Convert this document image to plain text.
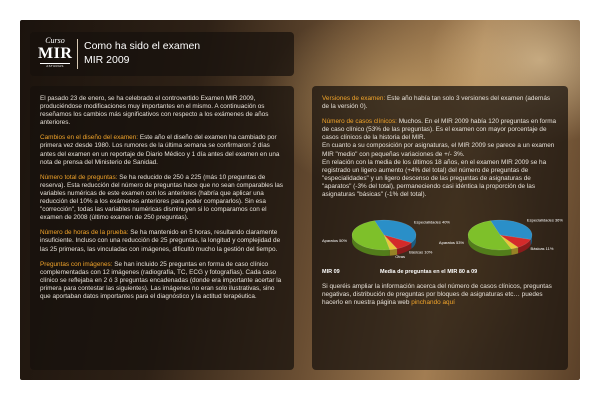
Curso
MIR
ASTURIAS
Como ha sido el examen
MIR 2009

El pasado 23 de enero, se ha celebrado el controvertido Examen MIR 2009, produciéndose modificaciones muy importantes en el mismo. A continuación os reseñamos los cambios más significativos con respecto a los exámenes de años anteriores.

Cambios en el diseño del examen: Este año el diseño del examen ha cambiado por primera vez desde 1980. Los rumores de la última semana se confirmaron 2 días antes del examen en un reportaje de Diario Médico y 1 día antes del examen en una nota de prensa del Ministerio de Sanidad.

Número total de preguntas: Se ha reducido de 250 a 225 (más 10 preguntas de reserva). Esta reducción del número de preguntas hace que no sean comparables las variables numéricas de este examen con los anteriores (habría que aplicar una reducción del 10% a los exámenes anteriores para poder compararlos). Sin esa "corrección", todas las variables numéricas disminuyen si lo comparamos con el examen de 2008 (último examen de 250 preguntas).

Número de horas de la prueba: Se ha mantenido en 5 horas, resultando claramente insuficiente. Incluso con una reducción de 25 preguntas, la longitud y complejidad de las 25 primeras, las vinculadas con imágenes, dificultó mucho la gestión del tiempo.

Preguntas con imágenes: Se han incluido 25 preguntas en forma de caso clínico complementadas con 12 imágenes (radiografía, TC, ECG y fotografías). Cada caso clínico se reflejaba en 2 ó 3 preguntas encadenadas (donde era importante acertar la primera para contestar las siguientes). Las imágenes no eran solo ilustrativas, sino que aportaban datos importantes para el diagnóstico y la actitud terapéutica.

Versiones de examen: Este año había tan solo 3 versiones del examen (además de la versión 0).

Número de casos clínicos: Muchos. En el MIR 2009 había 120 preguntas en forma de caso clínico (53% de las preguntas). Es el examen con mayor porcentaje de casos clínicos de la historia del MIR.

En cuanto a su composición por asignaturas, el MIR 2009 se parece a un examen MIR "medio" con pequeñas variaciones de +/- 3%.

En relación con la media de los últimos 18 años, en el examen MIR 2009 se ha registrado un ligero aumento (+4% del total) del número de preguntas de "especialidades" y un ligero descenso de las preguntas de asignaturas de "aparatos" (-3% del total), permaneciendo casi idéntica la proporción de las asignaturas "básicas" (-1% del total).

Especialidades 40%
Básicas 10%
Otras
Aparatos 50%
Especialidades 36%
Básicas 11%
Aparatos 53%
MIR 09	Media de preguntas en el MIR 80 a 09

Si queréis ampliar la información acerca del número de casos clínicos, preguntas negativas, distribución de preguntas por bloques de asignaturas etc… puedes hacerlo en nuestra página web pinchando aquí
